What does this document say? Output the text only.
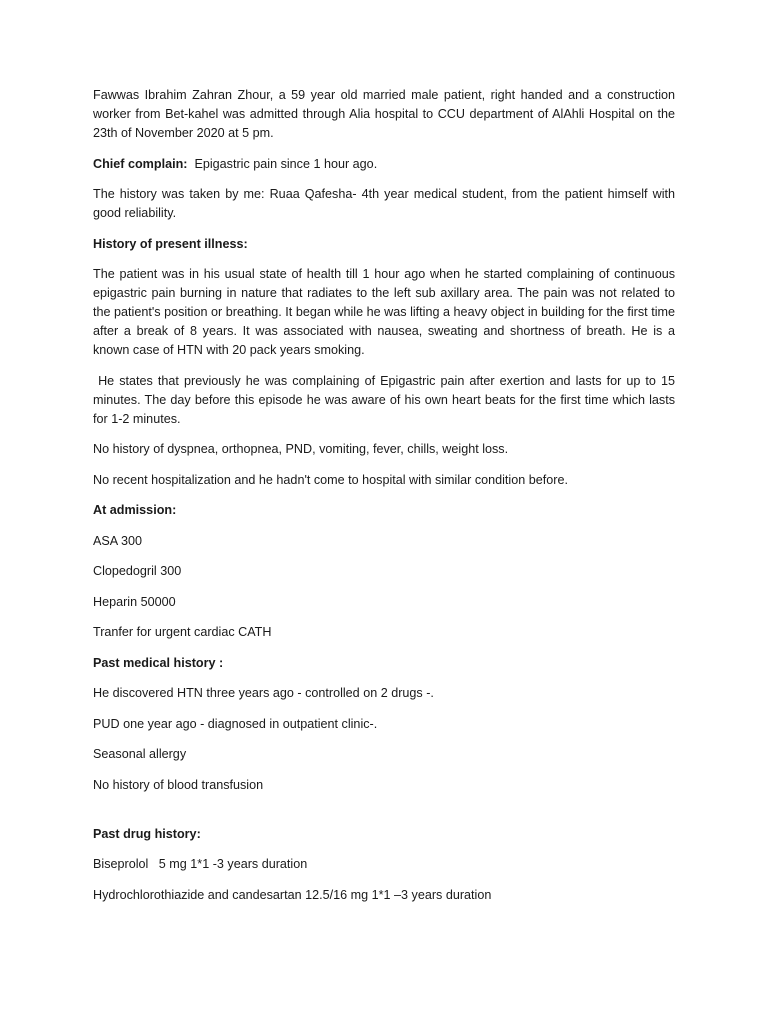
Fawwas Ibrahim Zahran Zhour, a 59 year old married male patient, right handed and a construction worker from Bet-kahel was admitted through Alia hospital to CCU department of AlAhli Hospital on the 23th of November 2020 at 5 pm.

Chief complain: Epigastric pain since 1 hour ago.

The history was taken by me: Ruaa Qafesha- 4th year medical student, from the patient himself with good reliability.

History of present illness:

The patient was in his usual state of health till 1 hour ago when he started complaining of continuous epigastric pain burning in nature that radiates to the left sub axillary area. The pain was not related to the patient's position or breathing. It began while he was lifting a heavy object in building for the first time after a break of 8 years. It was associated with nausea, sweating and shortness of breath. He is a known case of HTN with 20 pack years smoking.

He states that previously he was complaining of Epigastric pain after exertion and lasts for up to 15 minutes. The day before this episode he was aware of his own heart beats for the first time which lasts for 1-2 minutes.

No history of dyspnea, orthopnea, PND, vomiting, fever, chills, weight loss.

No recent hospitalization and he hadn't come to hospital with similar condition before.

At admission:

ASA 300

Clopedogril 300

Heparin 50000

Tranfer for urgent cardiac CATH

Past medical history :

He discovered HTN three years ago - controlled on 2 drugs -.

PUD one year ago - diagnosed in outpatient clinic-.

Seasonal allergy

No history of blood transfusion

Past drug history:

Biseprolol   5 mg 1*1 -3 years duration

Hydrochlorothiazide and candesartan 12.5/16 mg 1*1 –3 years duration
